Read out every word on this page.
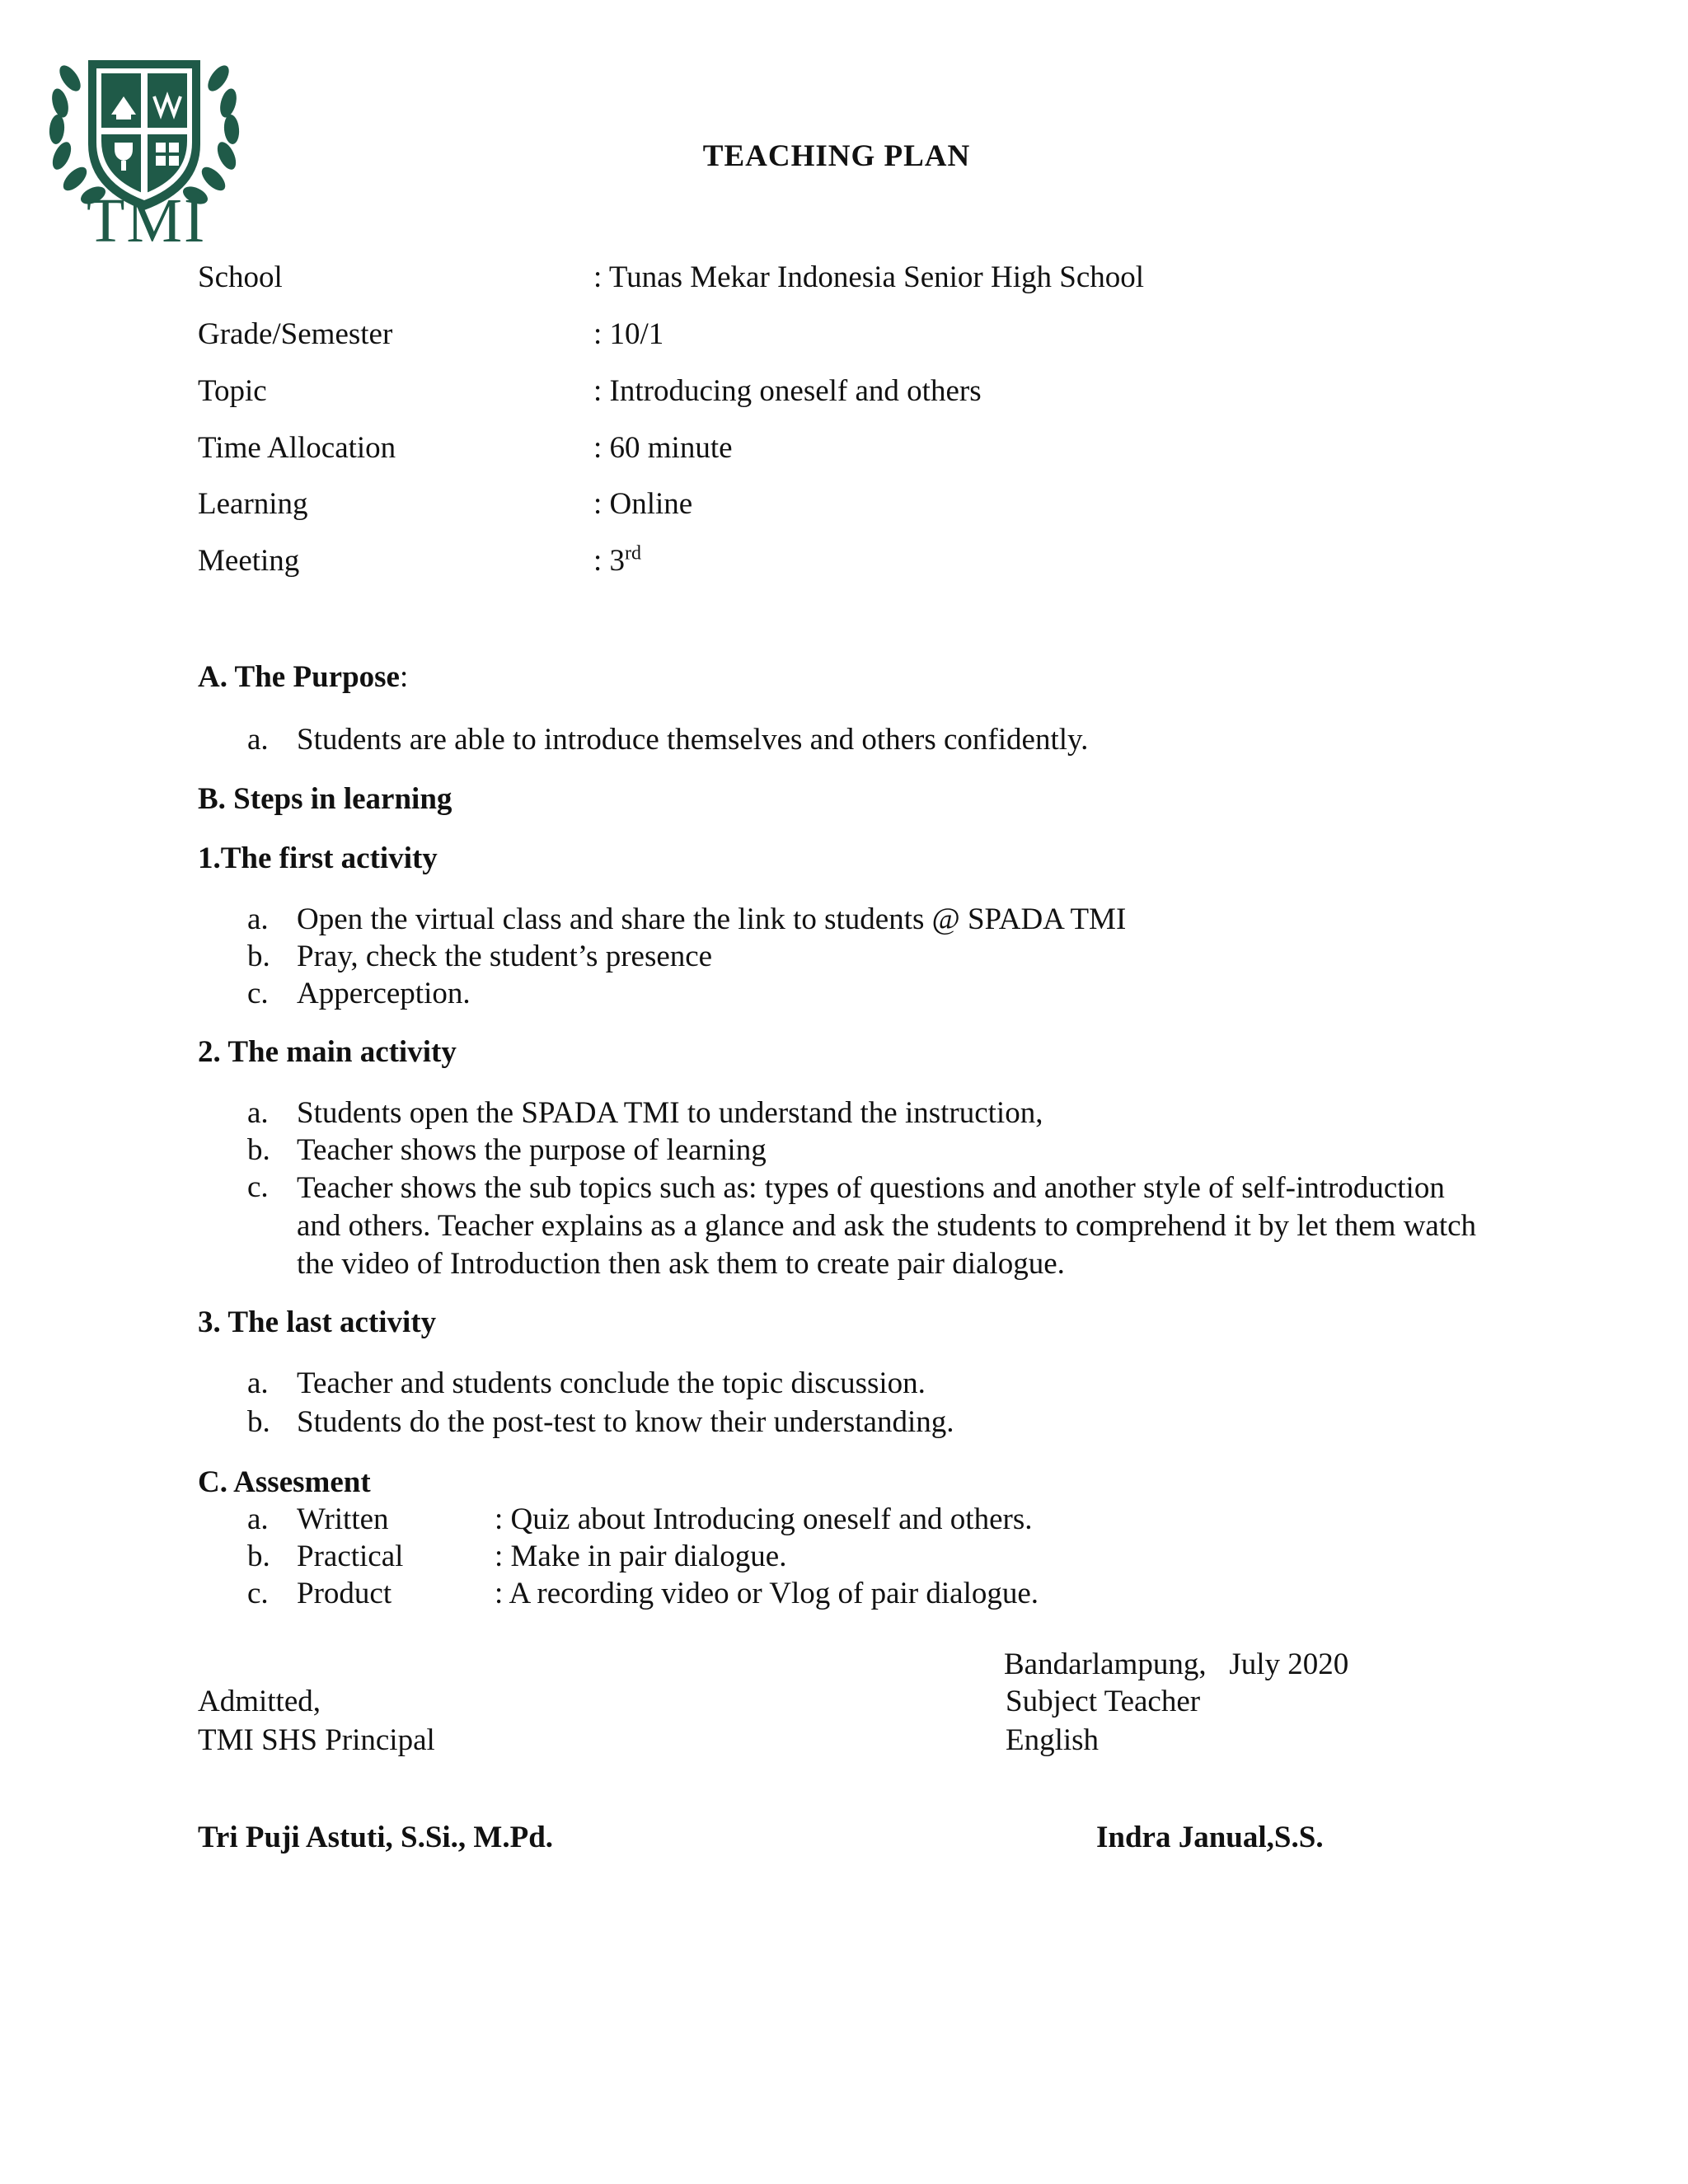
TMI
TEACHING PLAN
School	: Tunas Mekar Indonesia Senior High School
Grade/Semester	: 10/1
Topic	: Introducing oneself and others
Time Allocation	: 60 minute
Learning	: Online
Meeting	: 3rd
A. The Purpose:
a. Students are able to introduce themselves and others confidently.
B. Steps in learning
1.The first activity
a. Open the virtual class and share the link to students @ SPADA TMI
b. Pray, check the student’s presence
c. Apperception.
2. The main activity
a. Students open the SPADA TMI to understand the instruction,
b. Teacher shows the purpose of learning
c. Teacher shows the sub topics such as: types of questions and another style of self-introduction and others. Teacher explains as a glance and ask the students to comprehend it by let them watch the video of Introduction then ask them to create pair dialogue.
3. The last activity
a. Teacher and students conclude the topic discussion.
b. Students do the post-test to know their understanding.
C. Assesment
a. Written	: Quiz about Introducing oneself and others.
b. Practical	: Make in pair dialogue.
c. Product	: A recording video or Vlog of pair dialogue.
Bandarlampung,   July 2020
Admitted,	Subject Teacher
TMI SHS Principal	English
Tri Puji Astuti, S.Si., M.Pd.	Indra Janual,S.S.
